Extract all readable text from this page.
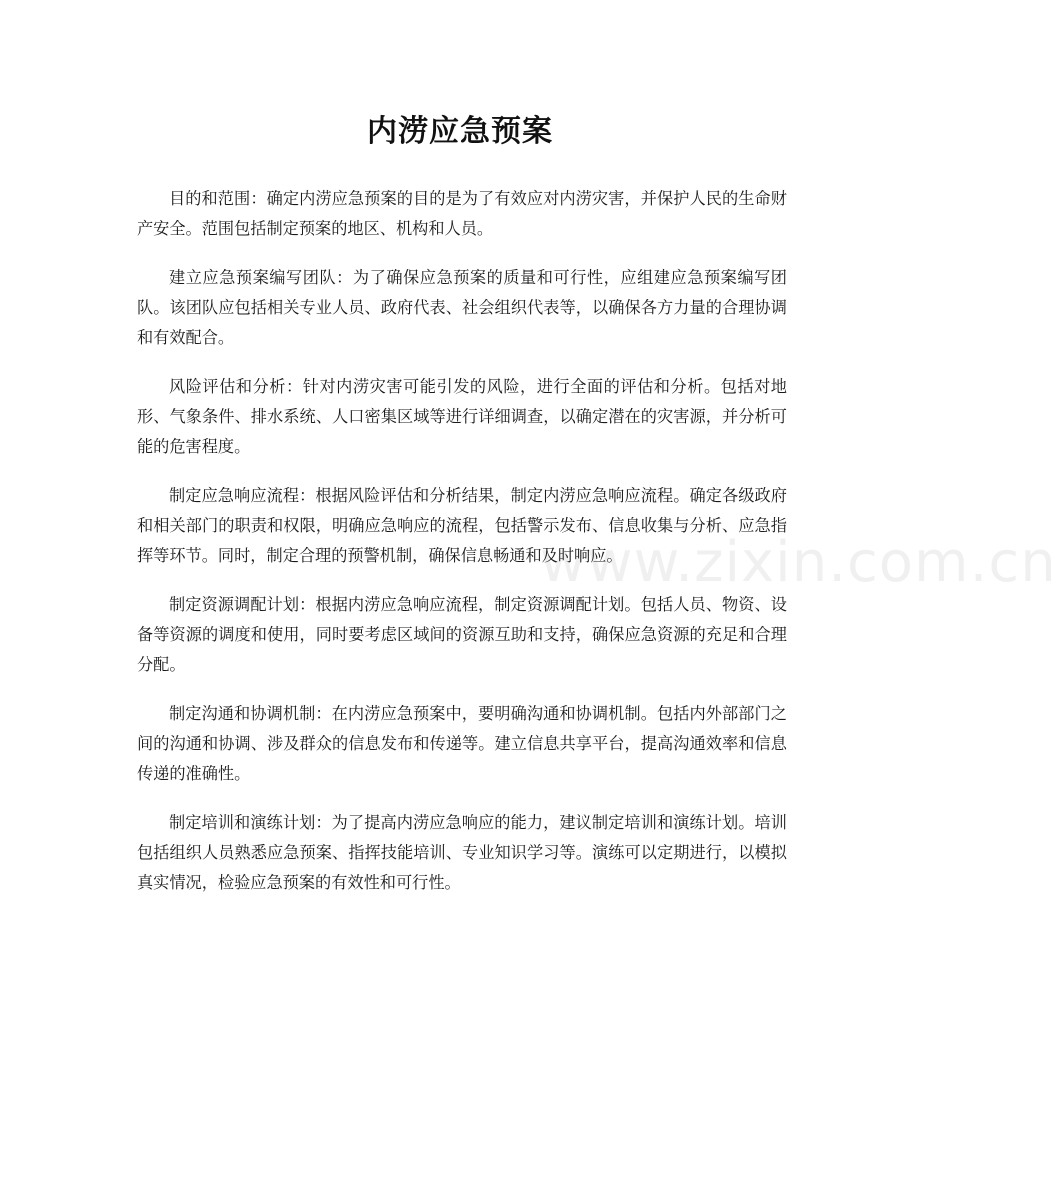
www.zixin.com.cn
内涝应急预案

目的和范围：确定内涝应急预案的目的是为了有效应对内涝灾害，并保护人民的生命财产安全。范围包括制定预案的地区、机构和人员。

建立应急预案编写团队：为了确保应急预案的质量和可行性，应组建应急预案编写团队。该团队应包括相关专业人员、政府代表、社会组织代表等，以确保各方力量的合理协调和有效配合。

风险评估和分析：针对内涝灾害可能引发的风险，进行全面的评估和分析。包括对地形、气象条件、排水系统、人口密集区域等进行详细调查，以确定潜在的灾害源，并分析可能的危害程度。

制定应急响应流程：根据风险评估和分析结果，制定内涝应急响应流程。确定各级政府和相关部门的职责和权限，明确应急响应的流程，包括警示发布、信息收集与分析、应急指挥等环节。同时，制定合理的预警机制，确保信息畅通和及时响应。

制定资源调配计划：根据内涝应急响应流程，制定资源调配计划。包括人员、物资、设备等资源的调度和使用，同时要考虑区域间的资源互助和支持，确保应急资源的充足和合理分配。

制定沟通和协调机制：在内涝应急预案中，要明确沟通和协调机制。包括内外部部门之间的沟通和协调、涉及群众的信息发布和传递等。建立信息共享平台，提高沟通效率和信息传递的准确性。

制定培训和演练计划：为了提高内涝应急响应的能力，建议制定培训和演练计划。培训包括组织人员熟悉应急预案、指挥技能培训、专业知识学习等。演练可以定期进行，以模拟真实情况，检验应急预案的有效性和可行性。
